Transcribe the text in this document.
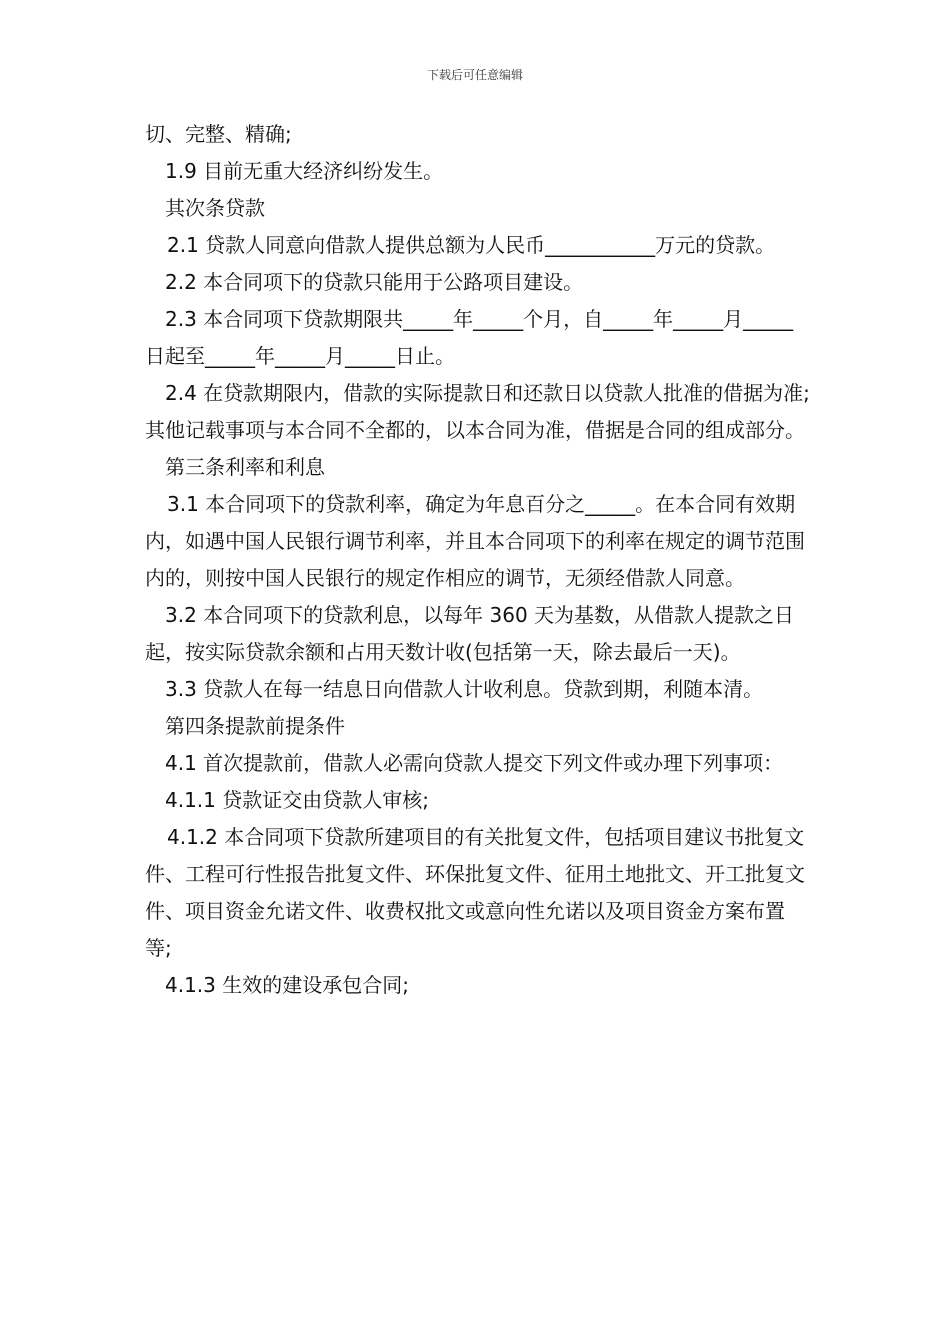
下载后可任意编辑

切、完整、精确;

1.9 目前无重大经济纠纷发生。

其次条贷款

2.1 贷款人同意向借款人提供总额为人民币___________万元的贷款。

2.2 本合同项下的贷款只能用于公路项目建设。

2.3 本合同项下贷款期限共_____年_____个月，自_____年_____月_____日起至_____年_____月_____日止。

2.4 在贷款期限内，借款的实际提款日和还款日以贷款人批准的借据为准;其他记载事项与本合同不全都的，以本合同为准，借据是合同的组成部分。

第三条利率和利息

3.1 本合同项下的贷款利率，确定为年息百分之_____。在本合同有效期内，如遇中国人民银行调节利率，并且本合同项下的利率在规定的调节范围内的，则按中国人民银行的规定作相应的调节，无须经借款人同意。

3.2 本合同项下的贷款利息，以每年 360 天为基数，从借款人提款之日起，按实际贷款余额和占用天数计收(包括第一天，除去最后一天)。

3.3 贷款人在每一结息日向借款人计收利息。贷款到期，利随本清。

第四条提款前提条件

4.1 首次提款前，借款人必需向贷款人提交下列文件或办理下列事项：

4.1.1 贷款证交由贷款人审核;

4.1.2 本合同项下贷款所建项目的有关批复文件，包括项目建议书批复文件、工程可行性报告批复文件、环保批复文件、征用土地批文、开工批复文件、项目资金允诺文件、收费权批文或意向性允诺以及项目资金方案布置等;

4.1.3 生效的建设承包合同;
